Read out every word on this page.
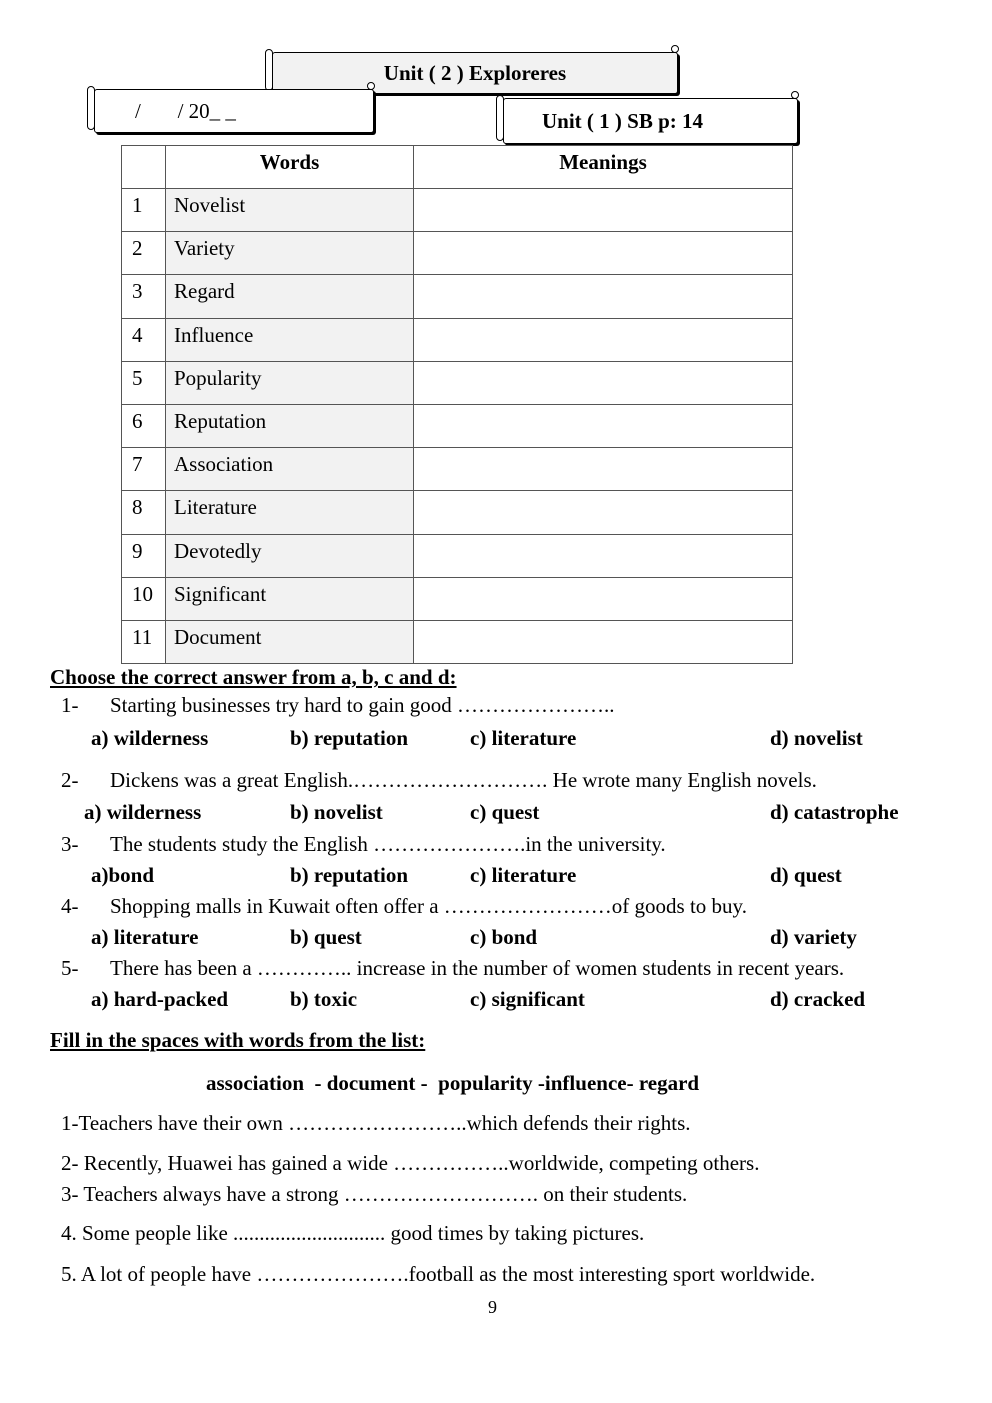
Unit ( 2 ) Exploreres
/       / 20_ _	Unit ( 1 ) SB p: 14
	Words	Meanings
1	Novelist	
2	Variety	
3	Regard	
4	Influence	
5	Popularity	
6	Reputation	
7	Association	
8	Literature	
9	Devotedly	
10	Significant	
11	Document	
Choose the correct answer from a, b, c and d:
1- Starting businesses try hard to gain good …………………..
a) wilderness	b) reputation	c) literature	d) novelist
2- Dickens was a great English.………………………. He wrote many English novels.
a) wilderness	b) novelist	c) quest	d) catastrophe
3- The students study the English ………………….in the university.
a)bond	b) reputation	c) literature	d) quest
4- Shopping malls in Kuwait often offer a ……………………of goods to buy.
a) literature	b) quest	c) bond	d) variety
5- There has been a ………….. increase in the number of women students in recent years.
a) hard-packed	b) toxic	c) significant	d) cracked
Fill in the spaces with words from the list:
association  - document -  popularity -influence- regard
1-Teachers have their own ……………………..which defends their rights.
2- Recently, Huawei has gained a wide ……………..worldwide, competing others.
3- Teachers always have a strong ………………………. on their students.
4. Some people like ............................. good times by taking pictures.
5. A lot of people have ………………….football as the most interesting sport worldwide.
9
